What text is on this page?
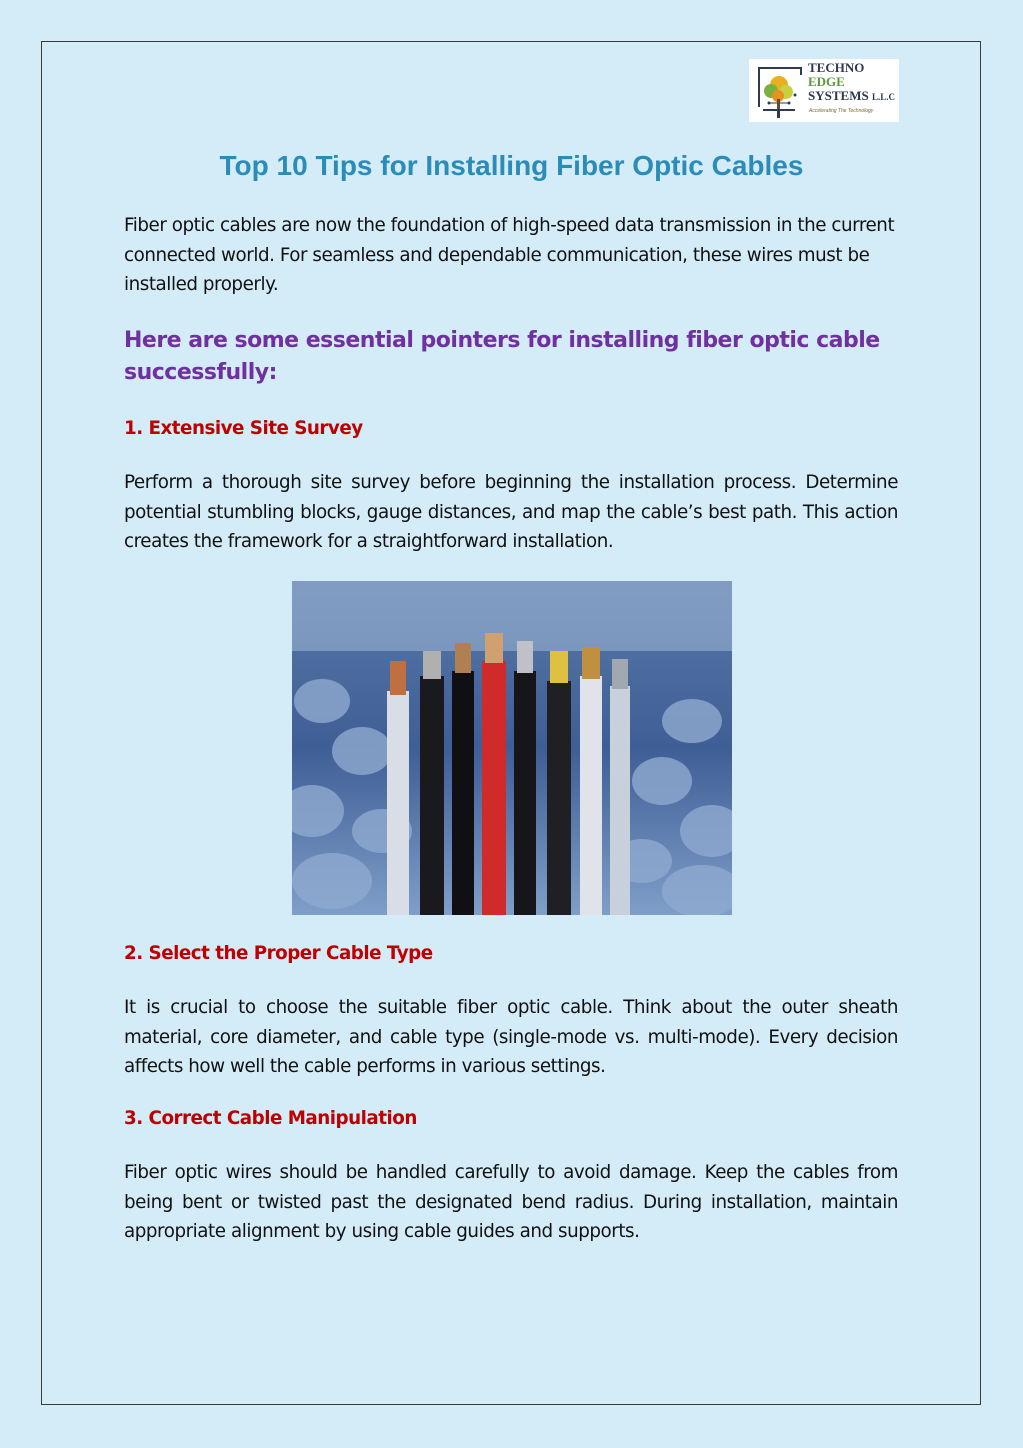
TECHNO
EDGE
SYSTEMS L.L.C
Accelerating The Technology
Top 10 Tips for Installing Fiber Optic Cables

Fiber optic cables are now the foundation of high-speed data transmission in the current connected world. For seamless and dependable communication, these wires must be installed properly.

Here are some essential pointers for installing fiber optic cable successfully:
1. Extensive Site Survey

Perform a thorough site survey before beginning the installation process. Determine potential stumbling blocks, gauge distances, and map the cable’s best path. This action creates the framework for a straightforward installation.

2. Select the Proper Cable Type

It is crucial to choose the suitable fiber optic cable. Think about the outer sheath material, core diameter, and cable type (single-mode vs. multi-mode). Every decision affects how well the cable performs in various settings.

3. Correct Cable Manipulation

Fiber optic wires should be handled carefully to avoid damage. Keep the cables from being bent or twisted past the designated bend radius. During installation, maintain appropriate alignment by using cable guides and supports.
